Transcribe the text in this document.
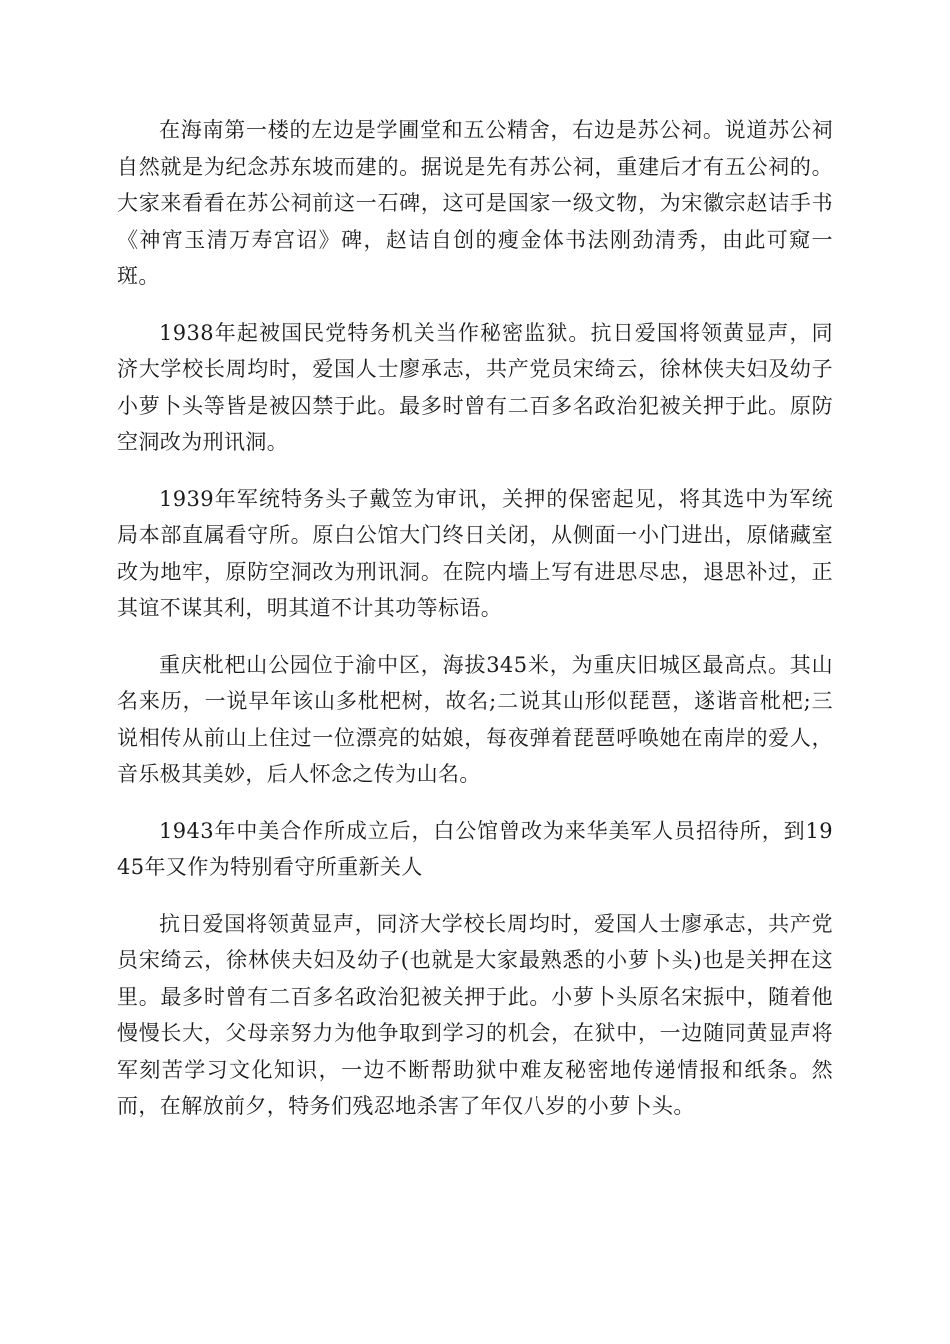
在海南第一楼的左边是学圃堂和五公精舍，右边是苏公祠。说道苏公祠自然就是为纪念苏东坡而建的。据说是先有苏公祠，重建后才有五公祠的。大家来看看在苏公祠前这一石碑，这可是国家一级文物，为宋徽宗赵诘手书《神宵玉清万寿宫诏》碑，赵诘自创的瘦金体书法刚劲清秀，由此可窥一斑。

1938年起被国民党特务机关当作秘密监狱。抗日爱国将领黄显声，同济大学校长周均时，爱国人士廖承志，共产党员宋绮云，徐林侠夫妇及幼子小萝卜头等皆是被囚禁于此。最多时曾有二百多名政治犯被关押于此。原防空洞改为刑讯洞。

1939年军统特务头子戴笠为审讯，关押的保密起见，将其选中为军统局本部直属看守所。原白公馆大门终日关闭，从侧面一小门进出，原储藏室改为地牢，原防空洞改为刑讯洞。在院内墙上写有进思尽忠，退思补过，正其谊不谋其利，明其道不计其功等标语。

重庆枇杷山公园位于渝中区，海拔345米，为重庆旧城区最高点。其山名来历，一说早年该山多枇杷树，故名;二说其山形似琵琶，遂谐音枇杷;三说相传从前山上住过一位漂亮的姑娘，每夜弹着琵琶呼唤她在南岸的爱人，音乐极其美妙，后人怀念之传为山名。

1943年中美合作所成立后，白公馆曾改为来华美军人员招待所，到1945年又作为特别看守所重新关人

抗日爱国将领黄显声，同济大学校长周均时，爱国人士廖承志，共产党员宋绮云，徐林侠夫妇及幼子(也就是大家最熟悉的小萝卜头)也是关押在这里。最多时曾有二百多名政治犯被关押于此。小萝卜头原名宋振中，随着他慢慢长大，父母亲努力为他争取到学习的机会，在狱中，一边随同黄显声将军刻苦学习文化知识，一边不断帮助狱中难友秘密地传递情报和纸条。然而，在解放前夕，特务们残忍地杀害了年仅八岁的小萝卜头。
